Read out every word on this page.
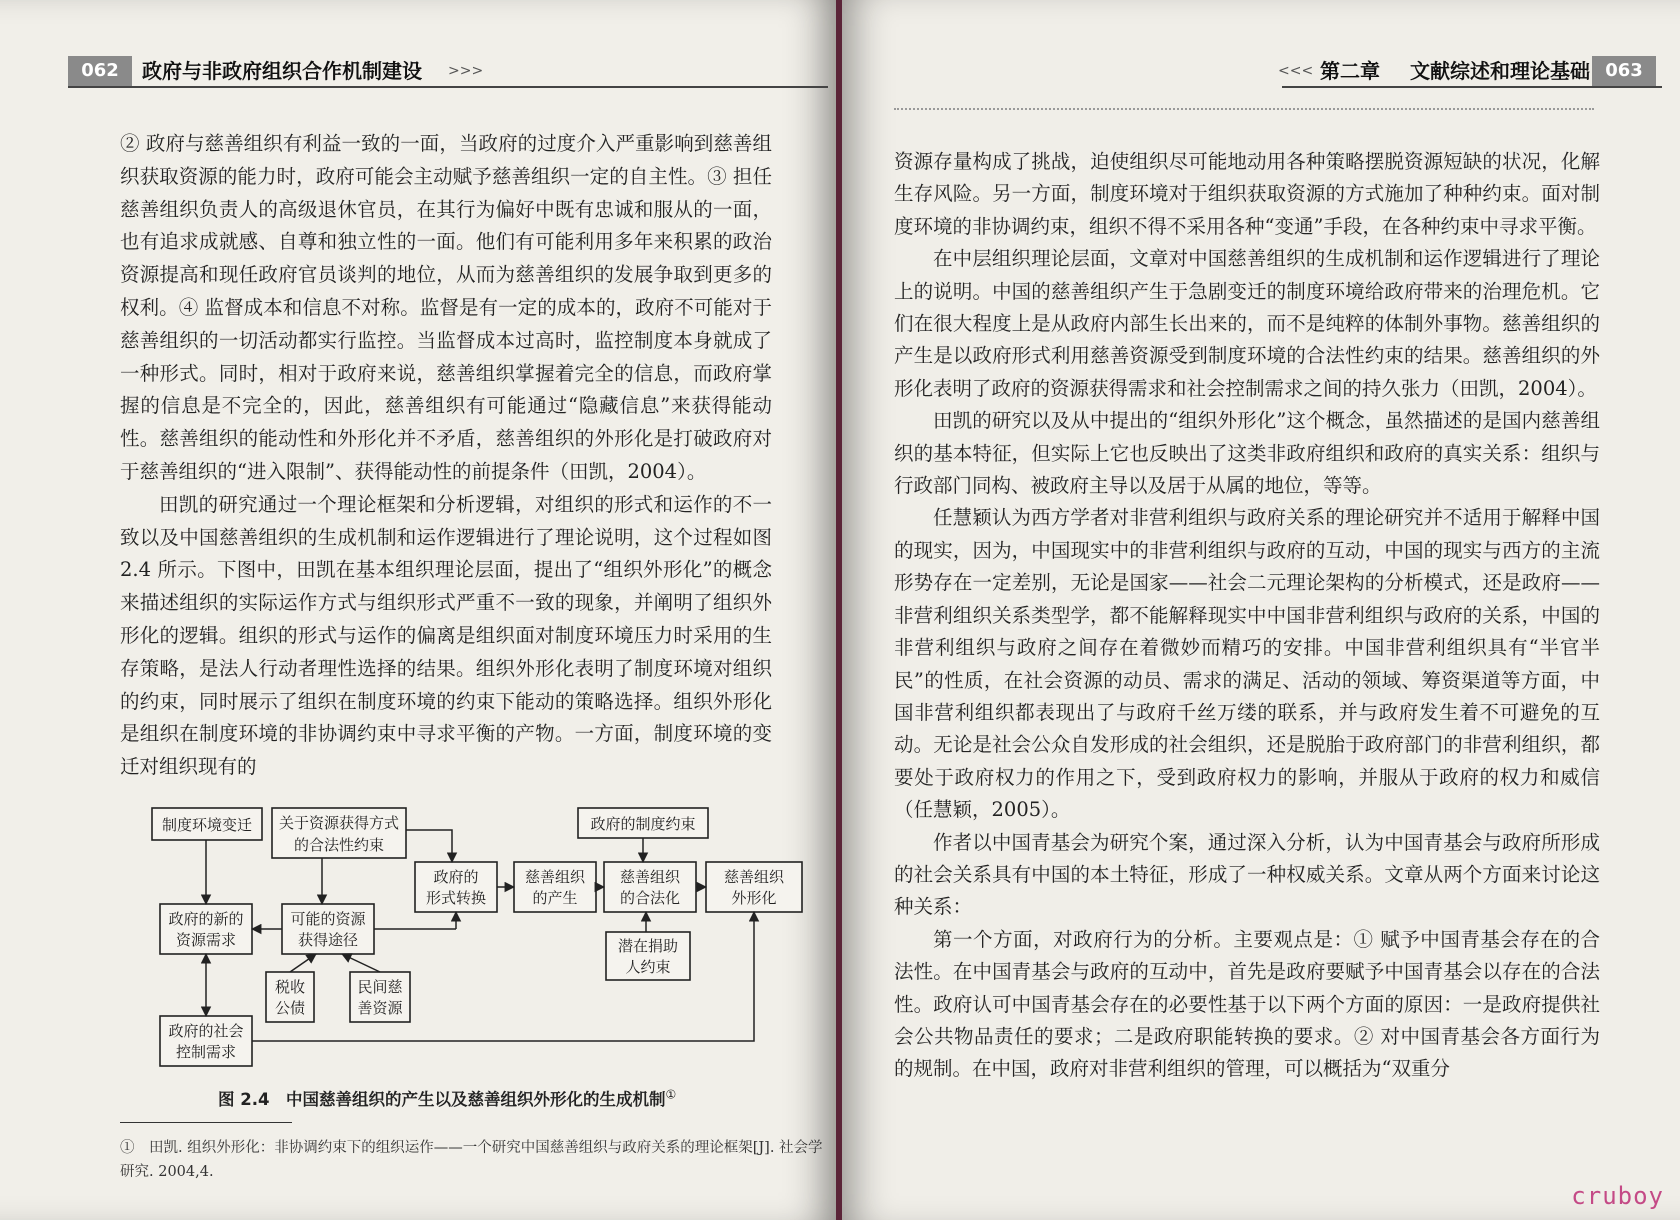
062	政府与非政府组织合作机制建设 >>>

② 政府与慈善组织有利益一致的一面，当政府的过度介入严重影响到慈善组织获取资源的能力时，政府可能会主动赋予慈善组织一定的自主性。③ 担任慈善组织负责人的高级退休官员，在其行为偏好中既有忠诚和服从的一面，也有追求成就感、自尊和独立性的一面。他们有可能利用多年来积累的政治资源提高和现任政府官员谈判的地位，从而为慈善组织的发展争取到更多的权利。④ 监督成本和信息不对称。监督是有一定的成本的，政府不可能对于慈善组织的一切活动都实行监控。当监督成本过高时，监控制度本身就成了一种形式。同时，相对于政府来说，慈善组织掌握着完全的信息，而政府掌握的信息是不完全的，因此，慈善组织有可能通过“隐藏信息”来获得能动性。慈善组织的能动性和外形化并不矛盾，慈善组织的外形化是打破政府对于慈善组织的“进入限制”、获得能动性的前提条件（田凯，2004）。

田凯的研究通过一个理论框架和分析逻辑，对组织的形式和运作的不一致以及中国慈善组织的生成机制和运作逻辑进行了理论说明，这个过程如图 2.4 所示。下图中，田凯在基本组织理论层面，提出了“组织外形化”的概念来描述组织的实际运作方式与组织形式严重不一致的现象，并阐明了组织外形化的逻辑。组织的形式与运作的偏离是组织面对制度环境压力时采用的生存策略，是法人行动者理性选择的结果。组织外形化表明了制度环境对组织的约束，同时展示了组织在制度环境的约束下能动的策略选择。组织外形化是组织在制度环境的非协调约束中寻求平衡的产物。一方面，制度环境的变迁对组织现有的

制度环境变迁 关于资源获得方式
的合法性约束
政府的制度约束
政府的
形式转换
慈善组织
的产生
慈善组织
的合法化
慈善组织
外形化
政府的新的
资源需求
可能的资源
获得途径	潜在捐助
人约束
税收
公债
民间慈
善资源
政府的社会
控制需求
图 2.4　中国慈善组织的产生以及慈善组织外形化的生成机制①
①　田凯. 组织外形化：非协调约束下的组织运作——一个研究中国慈善组织与政府关系的理论框架[J]. 社会学研究. 2004,4.
<<< 第二章 文献综述和理论基础 063

资源存量构成了挑战，迫使组织尽可能地动用各种策略摆脱资源短缺的状况，化解生存风险。另一方面，制度环境对于组织获取资源的方式施加了种种约束。面对制度环境的非协调约束，组织不得不采用各种“变通”手段，在各种约束中寻求平衡。

在中层组织理论层面，文章对中国慈善组织的生成机制和运作逻辑进行了理论上的说明。中国的慈善组织产生于急剧变迁的制度环境给政府带来的治理危机。它们在很大程度上是从政府内部生长出来的，而不是纯粹的体制外事物。慈善组织的产生是以政府形式利用慈善资源受到制度环境的合法性约束的结果。慈善组织的外形化表明了政府的资源获得需求和社会控制需求之间的持久张力（田凯，2004）。

田凯的研究以及从中提出的“组织外形化”这个概念，虽然描述的是国内慈善组织的基本特征，但实际上它也反映出了这类非政府组织和政府的真实关系：组织与行政部门同构、被政府主导以及居于从属的地位，等等。

任慧颖认为西方学者对非营利组织与政府关系的理论研究并不适用于解释中国的现实，因为，中国现实中的非营利组织与政府的互动，中国的现实与西方的主流形势存在一定差别，无论是国家——社会二元理论架构的分析模式，还是政府——非营利组织关系类型学，都不能解释现实中中国非营利组织与政府的关系，中国的非营利组织与政府之间存在着微妙而精巧的安排。中国非营利组织具有“半官半民”的性质，在社会资源的动员、需求的满足、活动的领域、筹资渠道等方面，中国非营利组织都表现出了与政府千丝万缕的联系，并与政府发生着不可避免的互动。无论是社会公众自发形成的社会组织，还是脱胎于政府部门的非营利组织，都要处于政府权力的作用之下，受到政府权力的影响，并服从于政府的权力和威信（任慧颖，2005）。

作者以中国青基会为研究个案，通过深入分析，认为中国青基会与政府所形成的社会关系具有中国的本土特征，形成了一种权威关系。文章从两个方面来讨论这种关系：

第一个方面，对政府行为的分析。主要观点是：① 赋予中国青基会存在的合法性。在中国青基会与政府的互动中，首先是政府要赋予中国青基会以存在的合法性。政府认可中国青基会存在的必要性基于以下两个方面的原因：一是政府提供社会公共物品责任的要求；二是政府职能转换的要求。② 对中国青基会各方面行为的规制。在中国，政府对非营利组织的管理，可以概括为“双重分

cruboy
